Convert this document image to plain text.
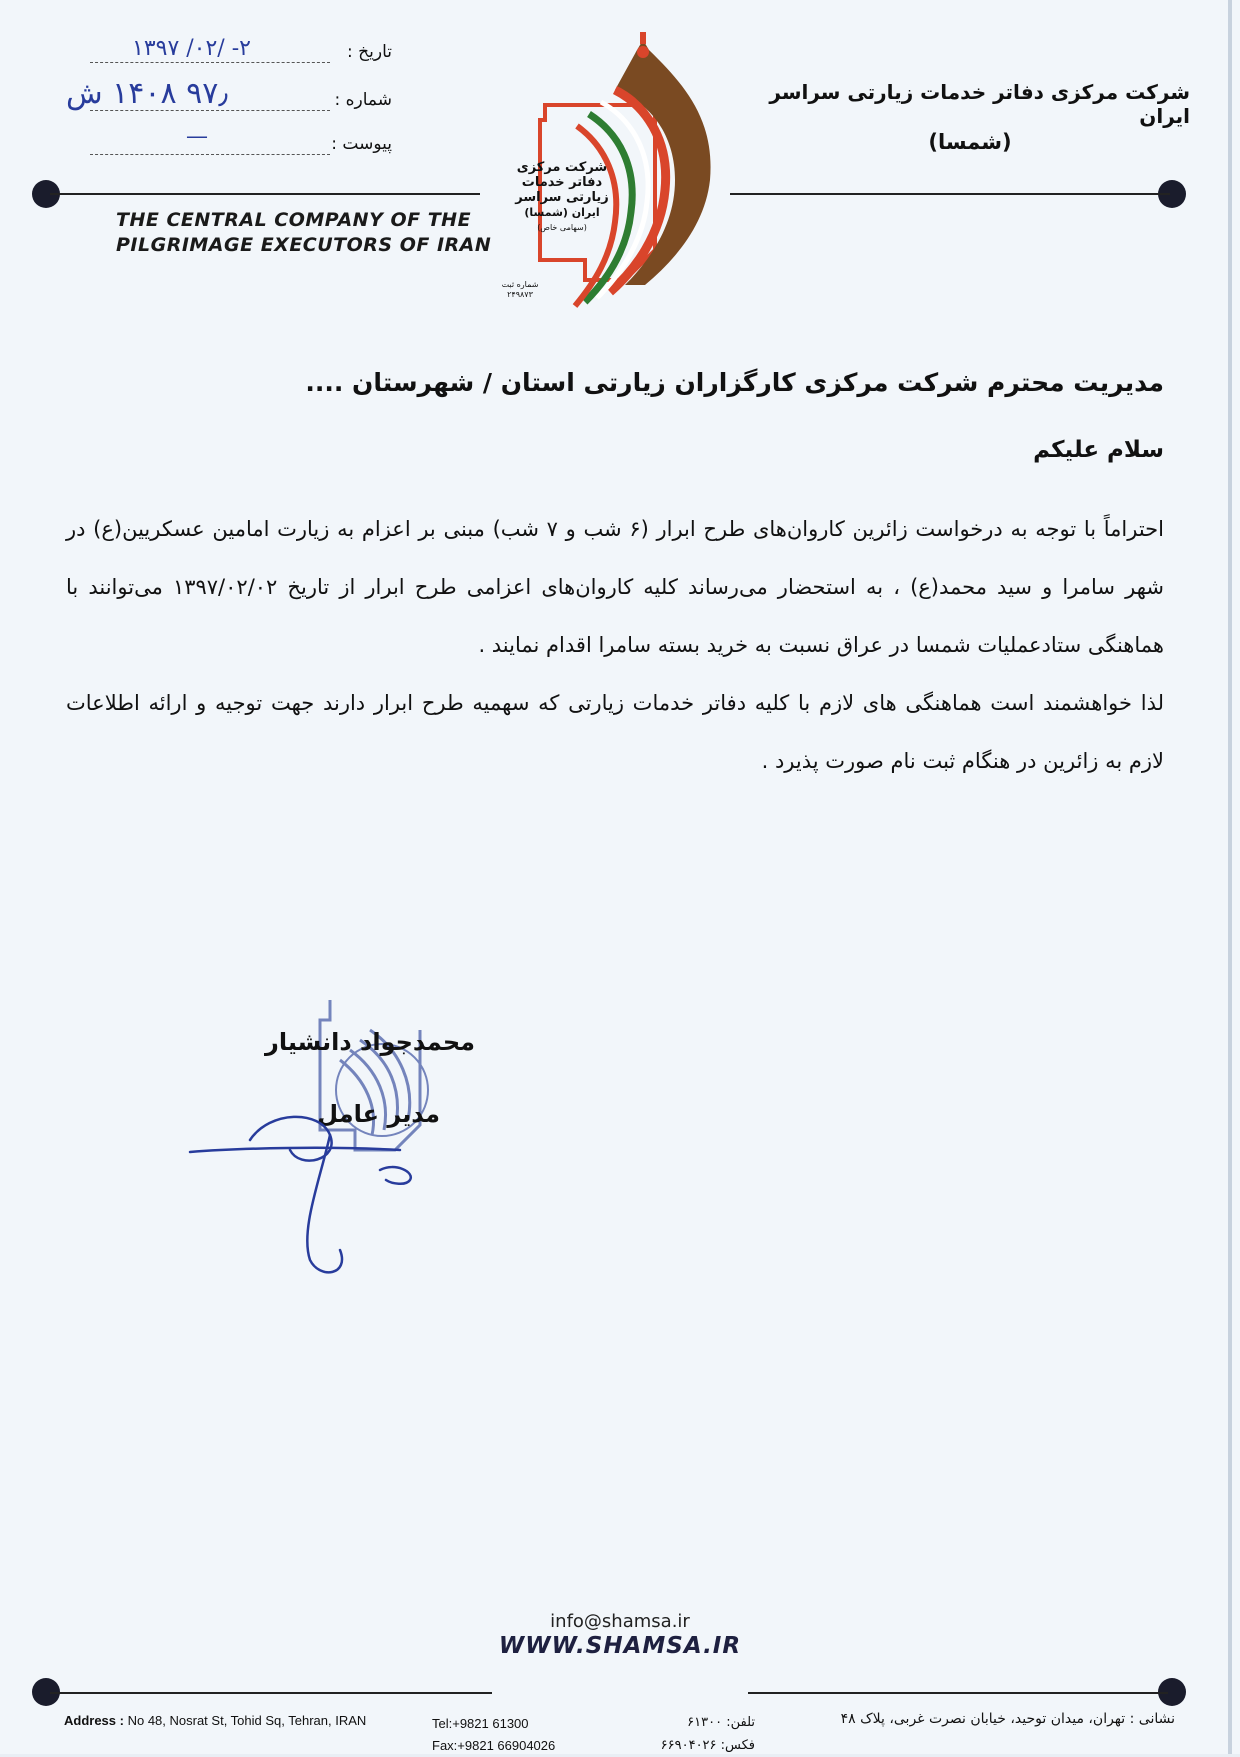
تاریخ :
۱۳۹۷ /۰۲/ -۲
شماره :
۹۷٫ ۱۴۰۸ ش
پیوست :
—
شرکت مرکزی دفاتر خدمات زیارتی سراسر ایران
(شمسا)
THE CENTRAL COMPANY OF THE
PILGRIMAGE EXECUTORS OF IRAN
شرکت مرکزی
دفاتر خدمات
زیارتی سراسر
ایران (شمسا)
(سهامی خاص)
شماره ثبت
۲۴۹۸۷۳
مدیریت محترم شرکت مرکزی کارگزاران زیارتی استان / شهرستان ....
سلام علیکم

احتراماً با توجه به درخواست زائرین کاروان‌های طرح ابرار (۶ شب و ۷ شب) مبنی بر اعزام به زیارت امامین عسکریین(ع) در شهر سامرا و سید محمد(ع) ، به استحضار می‌رساند کلیه کاروان‌های اعزامی طرح ابرار از تاریخ ۱۳۹۷/۰۲/۰۲ می‌توانند با هماهنگی ستادعملیات شمسا در عراق نسبت به خرید بسته سامرا اقدام نمایند .

لذا خواهشمند است هماهنگی های لازم با کلیه دفاتر خدمات زیارتی که سهمیه طرح ابرار دارند جهت توجیه و ارائه اطلاعات لازم به زائرین در هنگام ثبت نام صورت پذیرد .

محمدجواد دانشیار
مدیر عامل
info@shamsa.ir
WWW.SHAMSA.IR
Address : No 48, Nosrat St, Tohid Sq, Tehran, IRAN	Tel:+9821 61300
Fax:+9821 66904026
تلفن: ۶۱۳۰۰
فکس: ۶۶۹۰۴۰۲۶
نشانی : تهران، میدان توحید، خیابان نصرت غربی، پلاک ۴۸
